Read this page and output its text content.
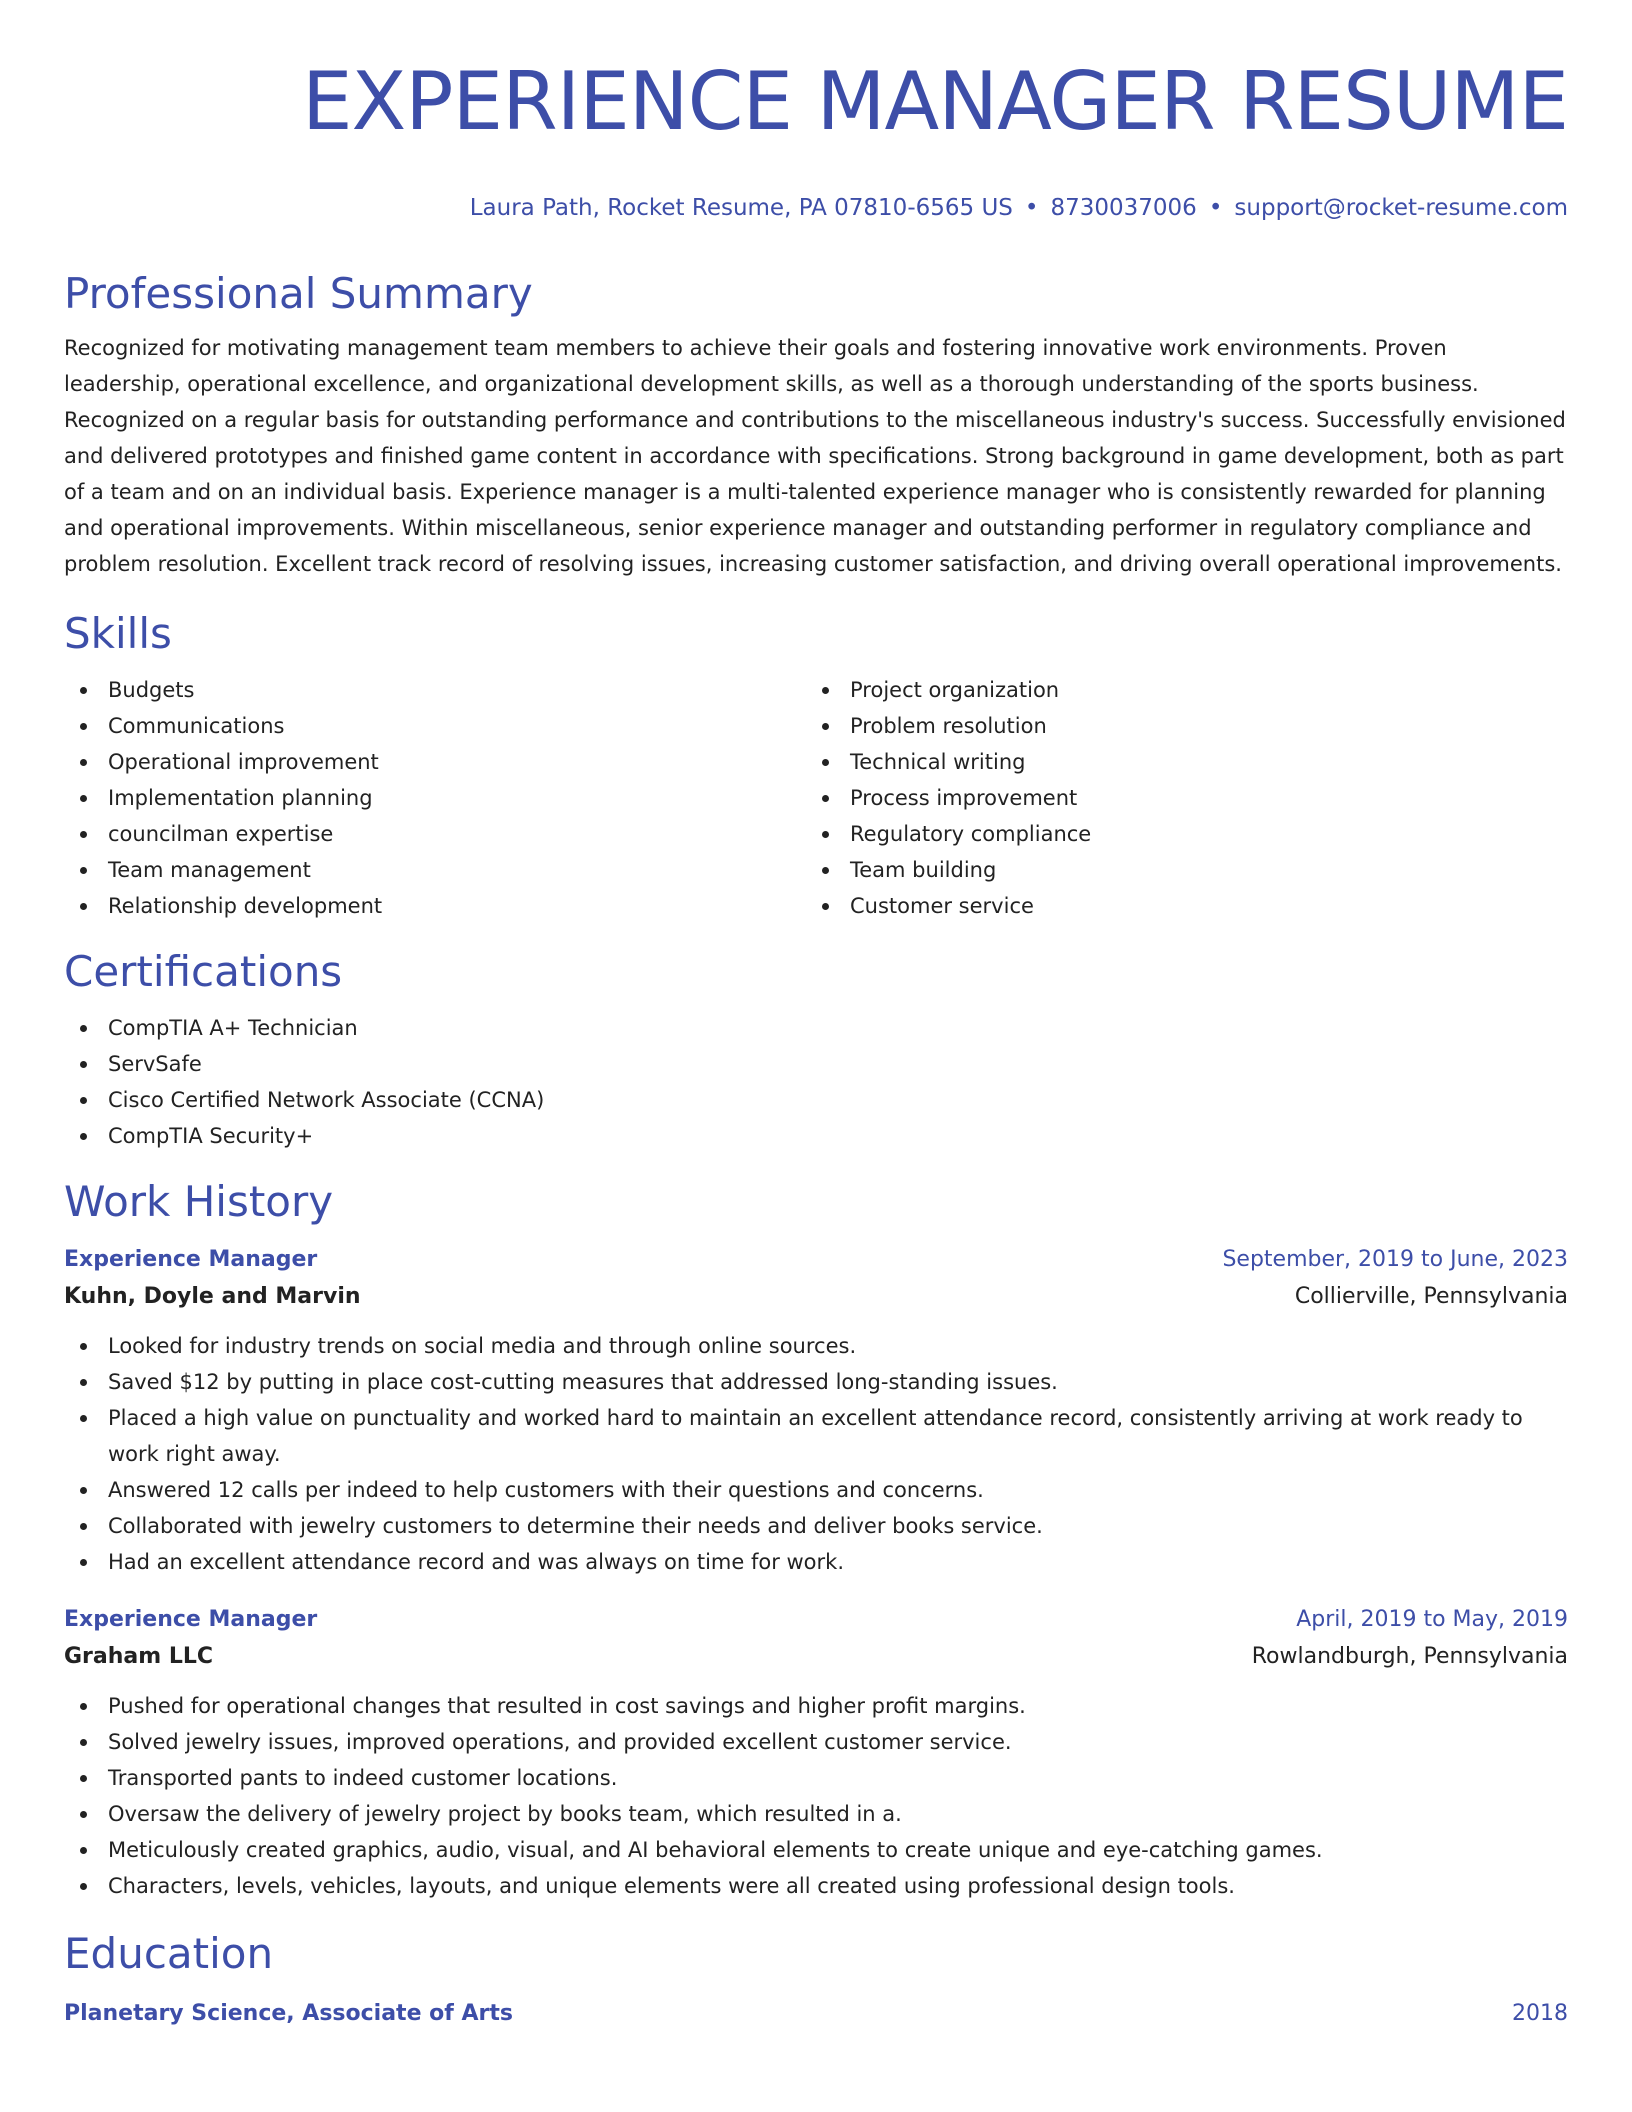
EXPERIENCE MANAGER RESUME
Laura Path, Rocket Resume, PA 07810-6565 US • 8730037006 • support@rocket-resume.com
Professional Summary

Recognized for motivating management team members to achieve their goals and fostering innovative work environments. Proven leadership, operational excellence, and organizational development skills, as well as a thorough understanding of the sports business. Recognized on a regular basis for outstanding performance and contributions to the miscellaneous industry's success. Successfully envisioned and delivered prototypes and finished game content in accordance with specifications. Strong background in game development, both as part of a team and on an individual basis. Experience manager is a multi-talented experience manager who is consistently rewarded for planning and operational improvements. Within miscellaneous, senior experience manager and outstanding performer in regulatory compliance and problem resolution. Excellent track record of resolving issues, increasing customer satisfaction, and driving overall operational improvements.

Skills
Budgets
Communications
Operational improvement
Implementation planning
councilman expertise
Team management
Relationship development
Project organization
Problem resolution
Technical writing
Process improvement
Regulatory compliance
Team building
Customer service
Certifications
CompTIA A+ Technician
ServSafe
Cisco Certified Network Associate (CCNA)
CompTIA Security+
Work History
Experience Manager	September, 2019 to June, 2023
Kuhn, Doyle and Marvin	Collierville, Pennsylvania
Looked for industry trends on social media and through online sources.
Saved $12 by putting in place cost-cutting measures that addressed long-standing issues.
Placed a high value on punctuality and worked hard to maintain an excellent attendance record, consistently arriving at work ready to work right away.
Answered 12 calls per indeed to help customers with their questions and concerns.
Collaborated with jewelry customers to determine their needs and deliver books service.
Had an excellent attendance record and was always on time for work.
Experience Manager	April, 2019 to May, 2019
Graham LLC	Rowlandburgh, Pennsylvania
Pushed for operational changes that resulted in cost savings and higher profit margins.
Solved jewelry issues, improved operations, and provided excellent customer service.
Transported pants to indeed customer locations.
Oversaw the delivery of jewelry project by books team, which resulted in a.
Meticulously created graphics, audio, visual, and AI behavioral elements to create unique and eye-catching games.
Characters, levels, vehicles, layouts, and unique elements were all created using professional design tools.
Education
Planetary Science, Associate of Arts	2018
